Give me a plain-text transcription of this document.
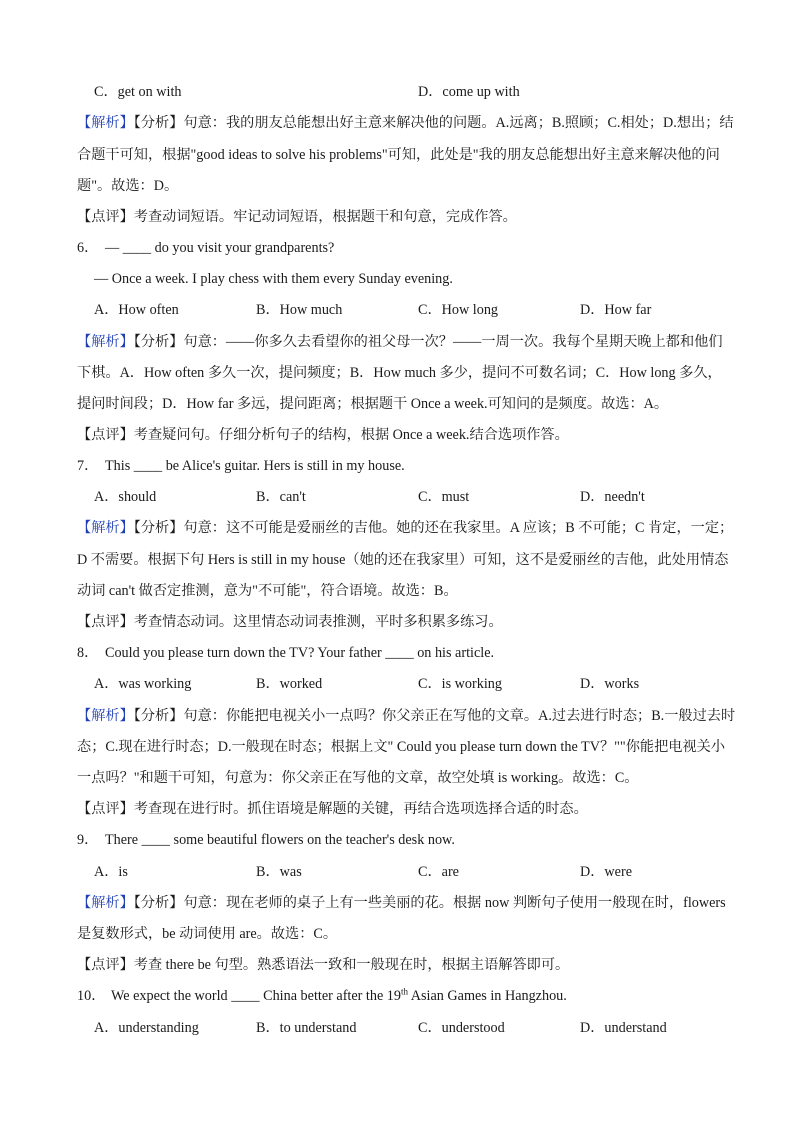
C．get on with	D．come up with
【解析】【分析】句意：我的朋友总能想出好主意来解决他的问题。A.远离；B.照顾；C.相处；D.想出；结
合题干可知，根据"good ideas to solve his problems"可知，此处是"我的朋友总能想出好主意来解决他的问
题"。故选：D。
【点评】考查动词短语。牢记动词短语，根据题干和句意，完成作答。
6． — ____ do you visit your grandparents?
— Once a week. I play chess with them every Sunday evening.
A．How often	B．How much	C．How long	D．How far
【解析】【分析】句意：——你多久去看望你的祖父母一次？——一周一次。我每个星期天晚上都和他们
下棋。A．How often 多久一次，提问频度；B．How much 多少，提问不可数名词；C．How long 多久，
提问时间段；D．How far 多远，提问距离；根据题干 Once a week.可知问的是频度。故选：A。
【点评】考查疑问句。仔细分析句子的结构，根据 Once a week.结合选项作答。
7． This ____ be Alice's guitar. Hers is still in my house.
A．should	B．can't	C．must	D．needn't
【解析】【分析】句意：这不可能是爱丽丝的吉他。她的还在我家里。A 应该；B 不可能；C 肯定，一定；
D 不需要。根据下句 Hers is still in my house（她的还在我家里）可知，这不是爱丽丝的吉他，此处用情态
动词 can't 做否定推测，意为"不可能"，符合语境。故选：B。
【点评】考查情态动词。这里情态动词表推测，平时多积累多练习。
8． Could you please turn down the TV? Your father ____ on his article.
A．was working	B．worked	C．is working	D．works
【解析】【分析】句意：你能把电视关小一点吗？你父亲正在写他的文章。A.过去进行时态；B.一般过去时
态；C.现在进行时态；D.一般现在时态；根据上文" Could you please turn down the TV？""你能把电视关小
一点吗？"和题干可知，句意为：你父亲正在写他的文章，故空处填 is working。故选：C。
【点评】考查现在进行时。抓住语境是解题的关键，再结合选项选择合适的时态。
9． There ____ some beautiful flowers on the teacher's desk now.
A．is	B．was	C．are	D．were
【解析】【分析】句意：现在老师的桌子上有一些美丽的花。根据 now 判断句子使用一般现在时，flowers
是复数形式，be 动词使用 are。故选：C。
【点评】考查 there be 句型。熟悉语法一致和一般现在时，根据主语解答即可。
10． We expect the world ____ China better after the 19th Asian Games in Hangzhou.
A．understanding	B．to understand	C．understood	D．understand
